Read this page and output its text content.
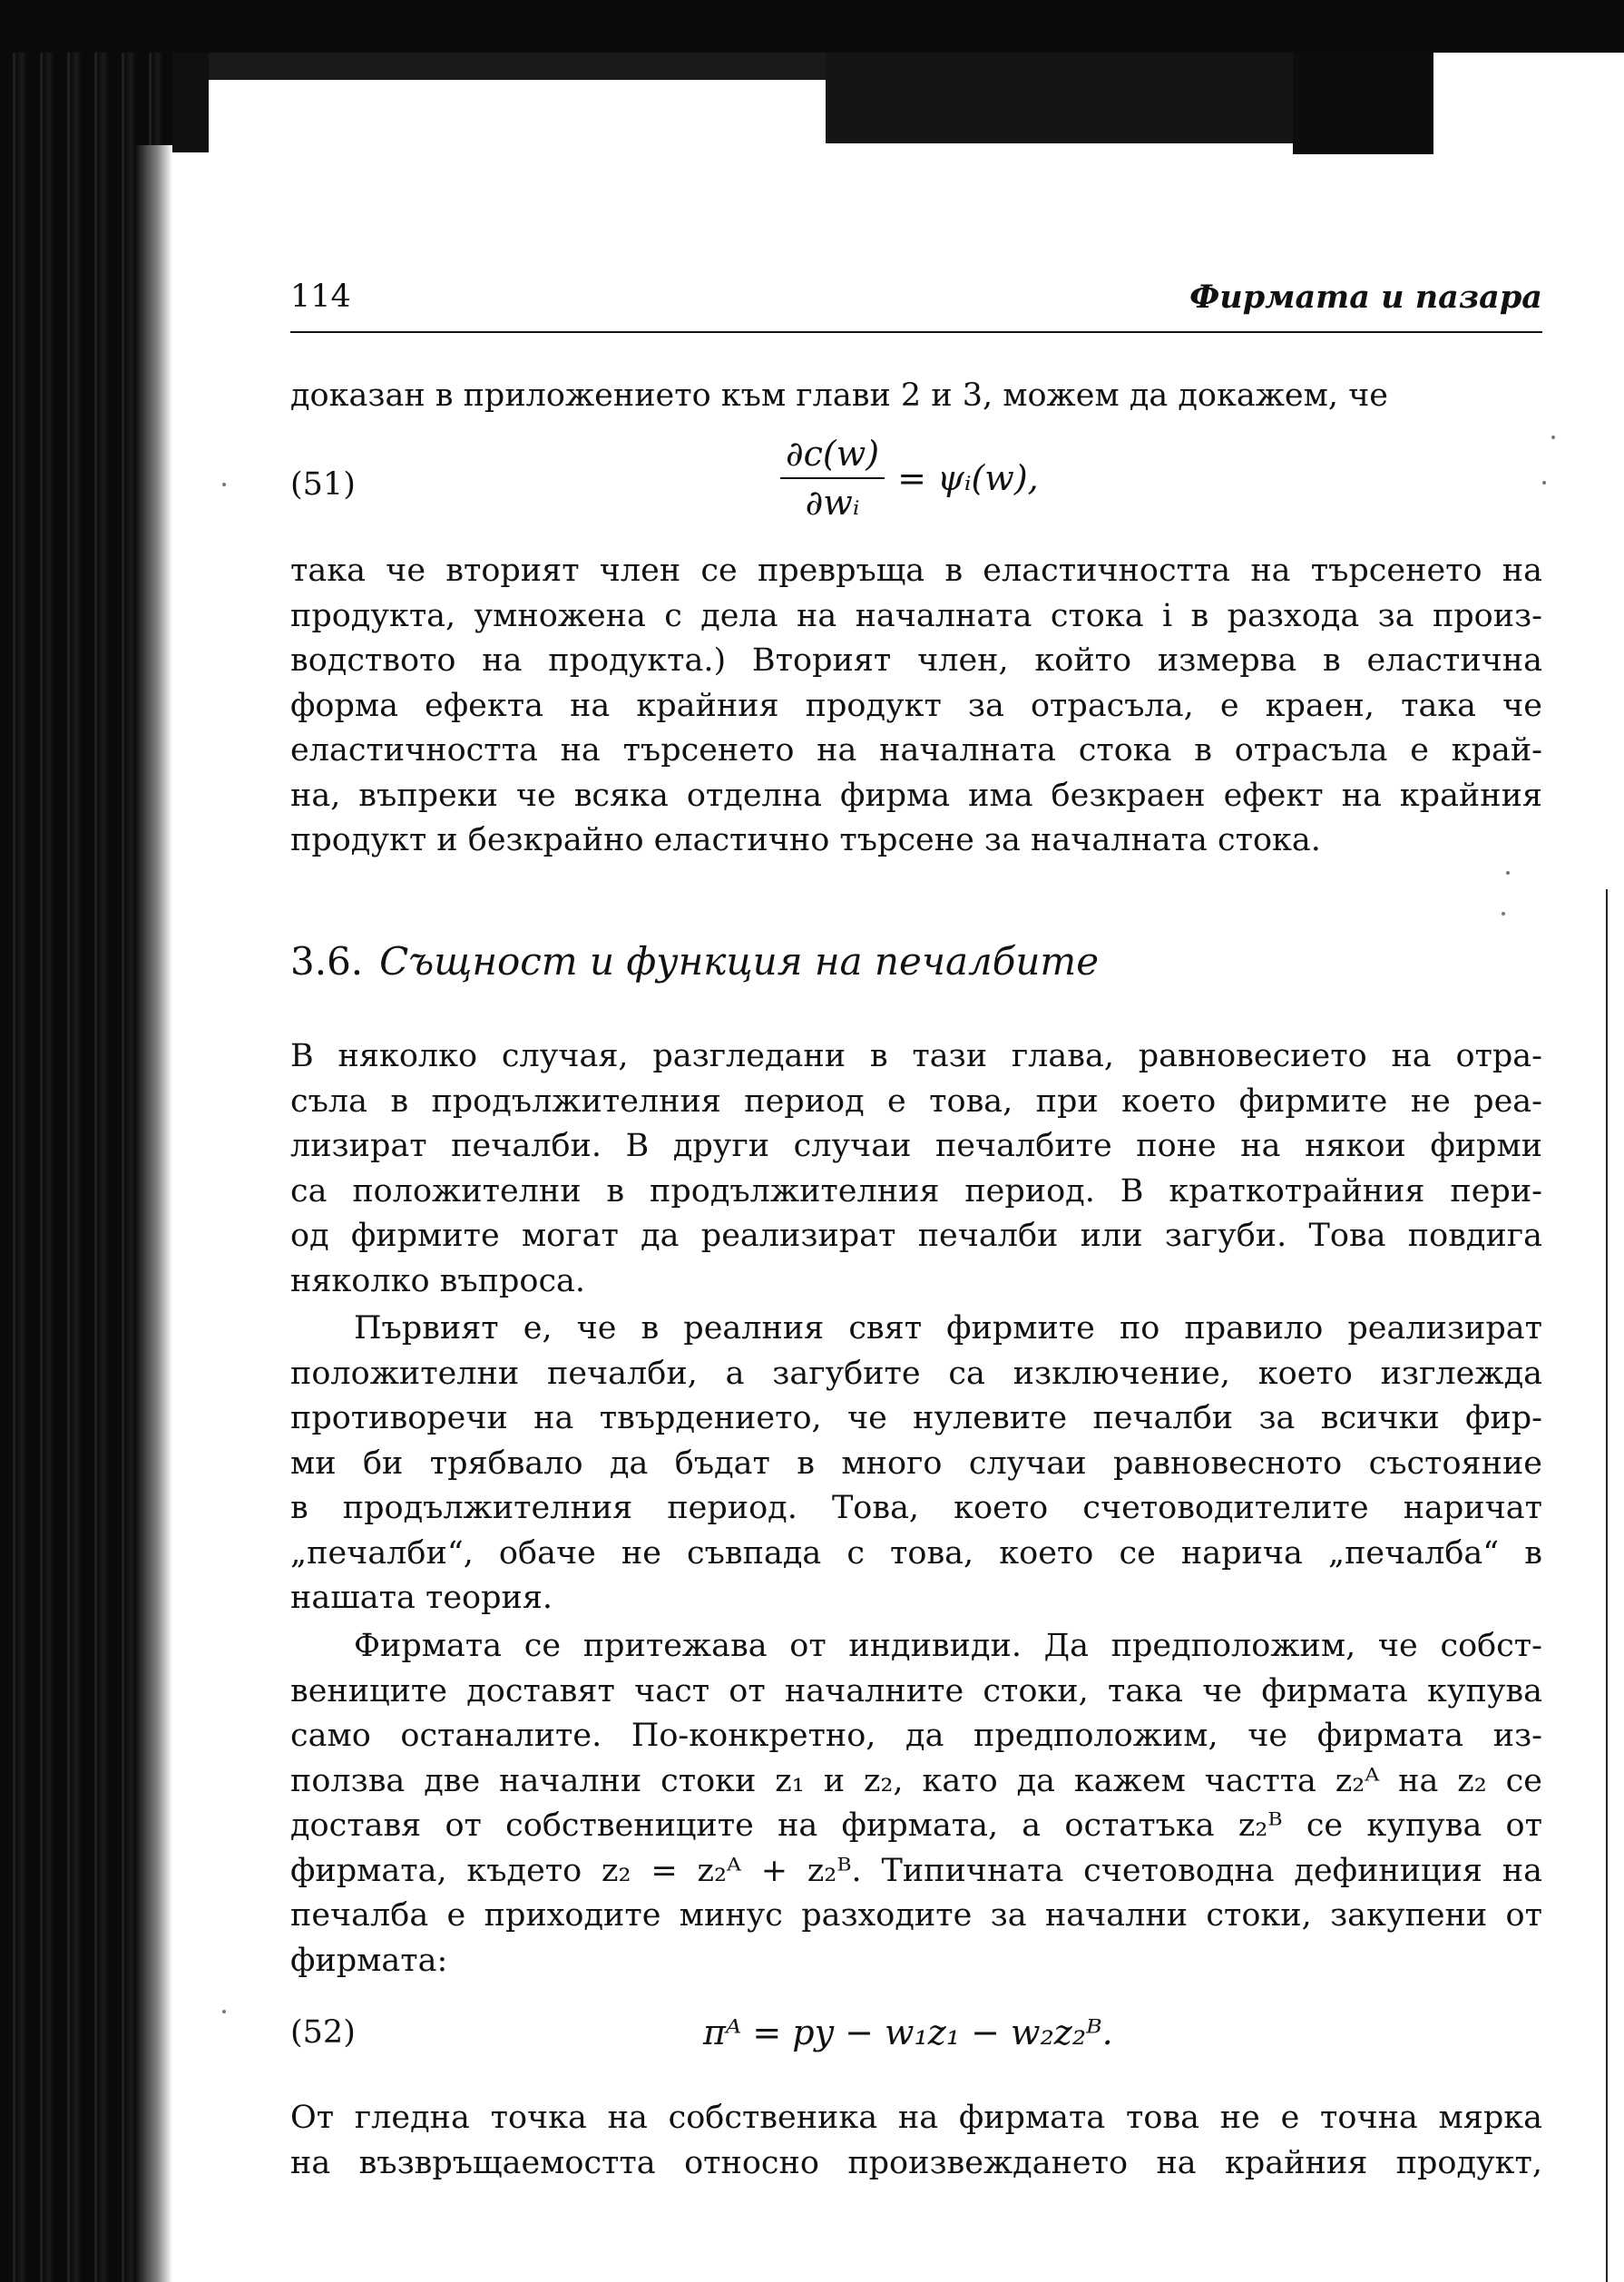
114	Фирмата и пазара

доказан в приложението към глави 2 и 3, можем да докажем, че

(51)	$\frac{\partial c(w)}{\text{∂wᵢ}}$ = ψᵢ(w),

така че вторият член се превръща в еластичността на търсенето на
продукта, умножена с дела на началната стока i в разхода за произ-
водството на продукта.) Вторият член, който измерва в еластична
форма ефекта на крайния продукт за отрасъла, е краен, така че
еластичността на търсенето на началната стока в отрасъла е край-
на, въпреки че всяка отделна фирма има безкраен ефект на крайния
продукт и безкрайно еластично търсене за началната стока.

3.6. Същност и функция на печалбите

В няколко случая, разгледани в тази глава, равновесието на отра-
съла в продължителния период е това, при което фирмите не реа-
лизират печалби. В други случаи печалбите поне на някои фирми
са положителни в продължителния период. В краткотрайния пери-
од фирмите могат да реализират печалби или загуби. Това повдига
няколко въпроса.

Първият е, че в реалния свят фирмите по правило реализират
положителни печалби, а загубите са изключение, което изглежда
противоречи на твърдението, че нулевите печалби за всички фир-
ми би трябвало да бъдат в много случаи равновесното състояние
в продължителния период. Това, което счетоводителите наричат
„печалби“, обаче не съвпада с това, което се нарича „печалба“ в
нашата теория.

Фирмата се притежава от индивиди. Да предположим, че собст-
вениците доставят част от началните стоки, така че фирмата купува
само останалите. По-конкретно, да предположим, че фирмата из-
ползва две начални стоки z₁ и z₂, като да кажем частта z₂ᴬ на z₂ се
доставя от собствениците на фирмата, а остатъка z₂ᴮ се купува от
фирмата, където z₂ = z₂ᴬ + z₂ᴮ. Типичната счетоводна дефиниция на
печалба е приходите минус разходите за начални стоки, закупени от
фирмата:

(52)	πᴬ = py − w₁z₁ − w₂z₂ᴮ.

От гледна точка на собственика на фирмата това не е точна мярка
на възвръщаемостта относно произвеждането на крайния продукт,
